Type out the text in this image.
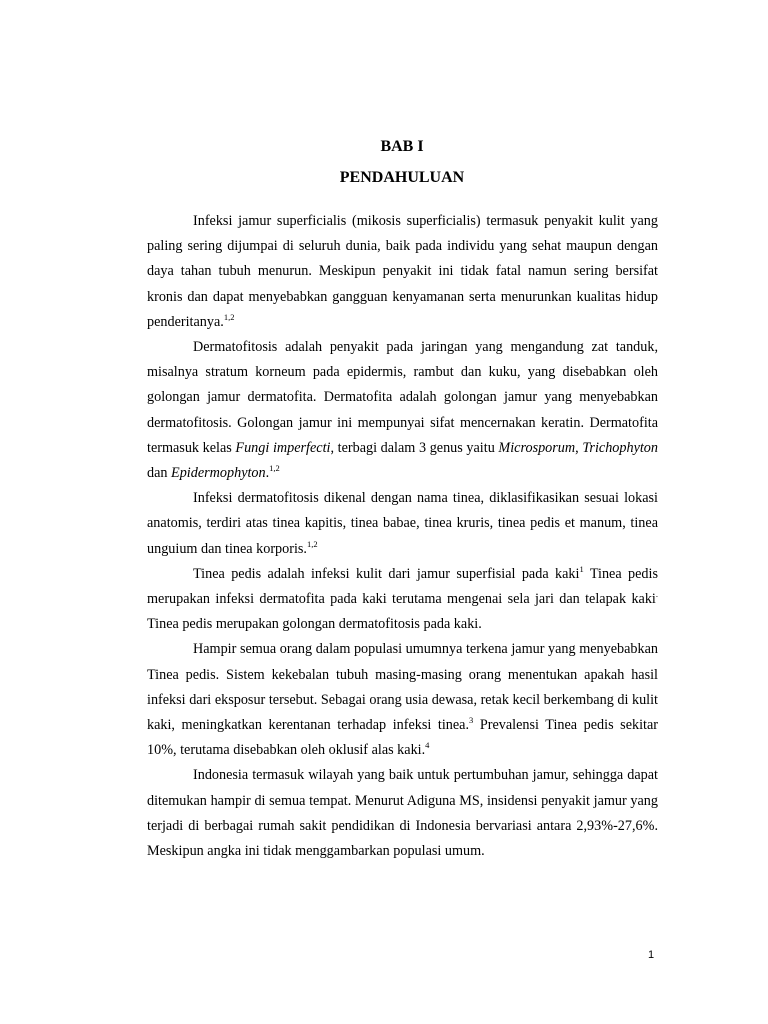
BAB I
PENDAHULUAN

Infeksi jamur superficialis (mikosis superficialis) termasuk penyakit kulit yang paling sering dijumpai di seluruh dunia, baik pada individu yang sehat maupun dengan daya tahan tubuh menurun. Meskipun penyakit ini tidak fatal namun sering bersifat kronis dan dapat menyebabkan gangguan kenyamanan serta menurunkan kualitas hidup penderitanya.$^{1,2}$

Dermatofitosis adalah penyakit pada jaringan yang mengandung zat tanduk, misalnya stratum korneum pada epidermis, rambut dan kuku, yang disebabkan oleh golongan jamur dermatofita. Dermatofita adalah golongan jamur yang menyebabkan dermatofitosis. Golongan jamur ini mempunyai sifat mencernakan keratin. Dermatofita termasuk kelas Fungi imperfecti, terbagi dalam 3 genus yaitu Microsporum, Trichophyton dan Epidermophyton.$^{1,2}$

Infeksi dermatofitosis dikenal dengan nama tinea, diklasifikasikan sesuai lokasi anatomis, terdiri atas tinea kapitis, tinea babae, tinea kruris, tinea pedis et manum, tinea unguium dan tinea korporis.$^{1,2}$

Tinea pedis adalah infeksi kulit dari jamur superfisial pada kaki$^1$ Tinea pedis merupakan infeksi dermatofita pada kaki terutama mengenai sela jari dan telapak kaki. Tinea pedis merupakan golongan dermatofitosis pada kaki.

Hampir semua orang dalam populasi umumnya terkena jamur yang menyebabkan Tinea pedis. Sistem kekebalan tubuh masing-masing orang menentukan apakah hasil infeksi dari eksposur tersebut. Sebagai orang usia dewasa, retak kecil berkembang di kulit kaki, meningkatkan kerentanan terhadap infeksi tinea.$^3$ Prevalensi Tinea pedis sekitar 10%, terutama disebabkan oleh oklusif alas kaki.$^4$

Indonesia termasuk wilayah yang baik untuk pertumbuhan jamur, sehingga dapat ditemukan hampir di semua tempat. Menurut Adiguna MS, insidensi penyakit jamur yang terjadi di berbagai rumah sakit pendidikan di Indonesia bervariasi antara 2,93%-27,6%. Meskipun angka ini tidak menggambarkan populasi umum.

1
